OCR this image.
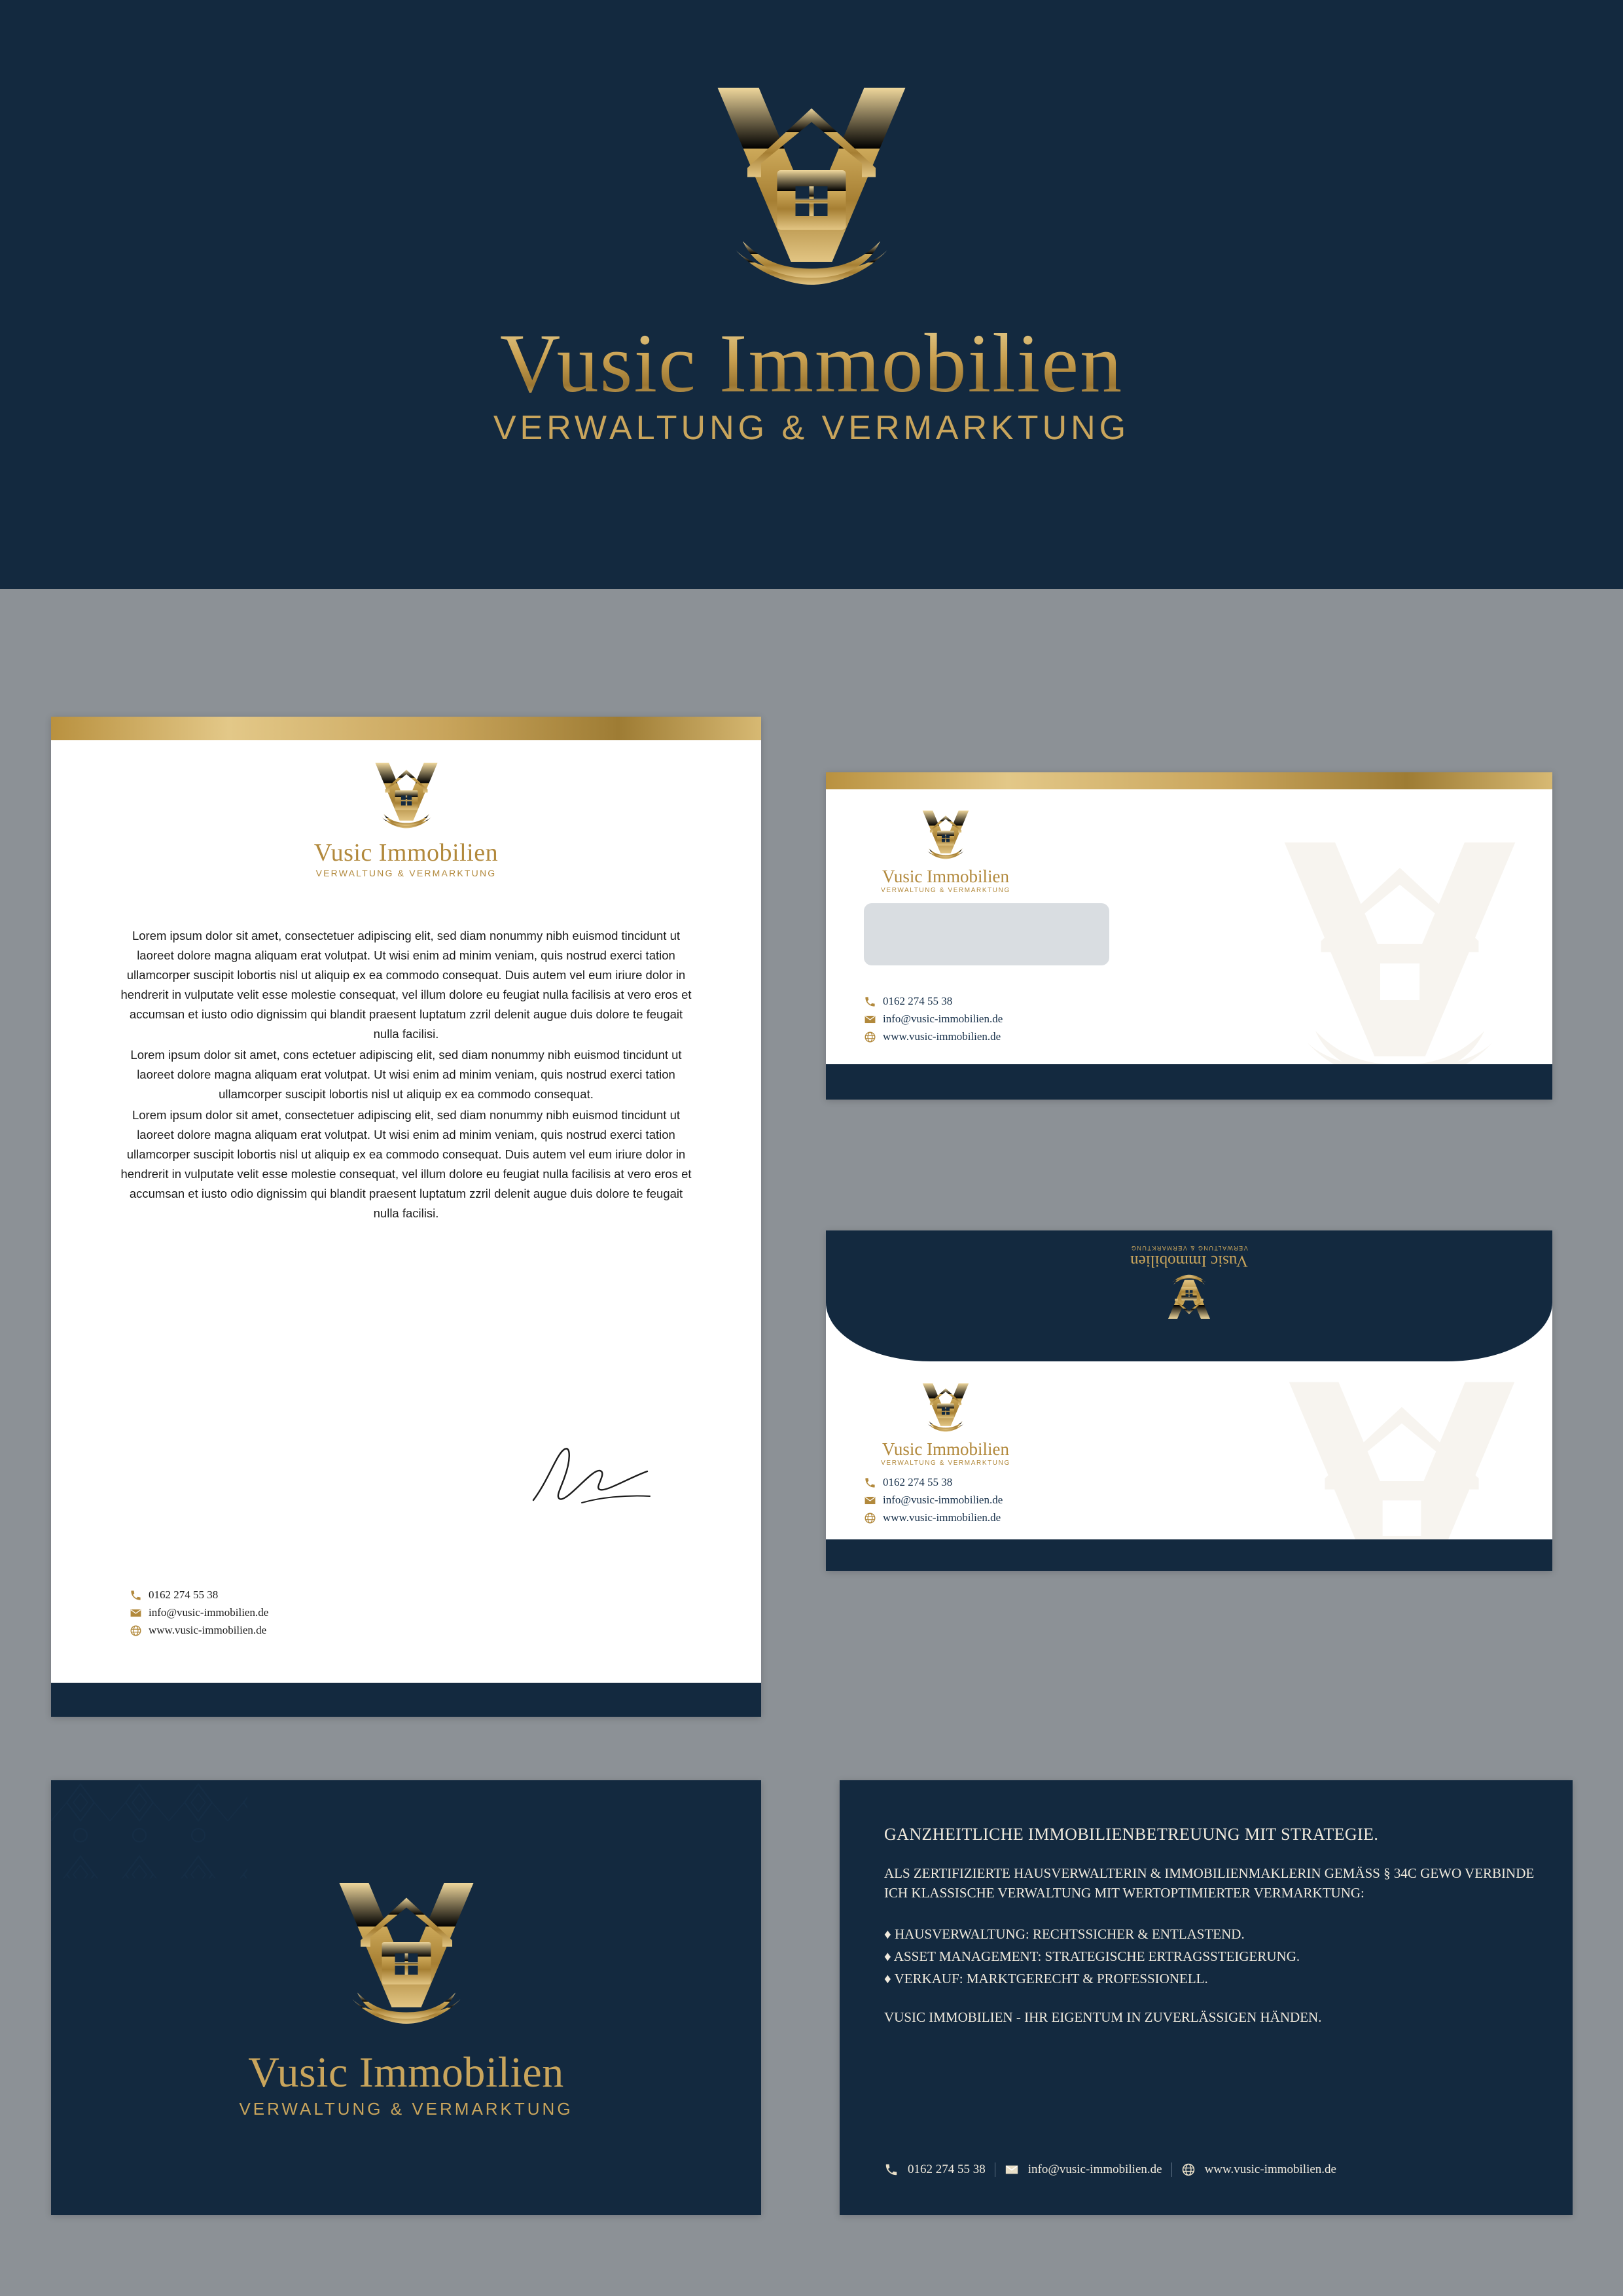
Vusic Immobilien
VERWALTUNG & VERMARKTUNG
Vusic Immobilien
VERWALTUNG & VERMARKTUNG

Lorem ipsum dolor sit amet, consectetuer adipiscing elit, sed diam nonummy nibh euismod tincidunt ut laoreet dolore magna aliquam erat volutpat. Ut wisi enim ad minim veniam, quis nostrud exerci tation ullamcorper suscipit lobortis nisl ut aliquip ex ea commodo consequat. Duis autem vel eum iriure dolor in hendrerit in vulputate velit esse molestie consequat, vel illum dolore eu feugiat nulla facilisis at vero eros et accumsan et iusto odio dignissim qui blandit praesent luptatum zzril delenit augue duis dolore te feugait nulla facilisi.

Lorem ipsum dolor sit amet, cons ectetuer adipiscing elit, sed diam nonummy nibh euismod tincidunt ut laoreet dolore magna aliquam erat volutpat. Ut wisi enim ad minim veniam, quis nostrud exerci tation ullamcorper suscipit lobortis nisl ut aliquip ex ea commodo consequat.

Lorem ipsum dolor sit amet, consectetuer adipiscing elit, sed diam nonummy nibh euismod tincidunt ut laoreet dolore magna aliquam erat volutpat. Ut wisi enim ad minim veniam, quis nostrud exerci tation ullamcorper suscipit lobortis nisl ut aliquip ex ea commodo consequat. Duis autem vel eum iriure dolor in hendrerit in vulputate velit esse molestie consequat, vel illum dolore eu feugiat nulla facilisis at vero eros et accumsan et iusto odio dignissim qui blandit praesent luptatum zzril delenit augue duis dolore te feugait nulla facilisi.

0162 274 55 38
info@vusic-immobilien.de
www.vusic-immobilien.de
Vusic Immobilien
VERWALTUNG & VERMARKTUNG
0162 274 55 38
info@vusic-immobilien.de
www.vusic-immobilien.de
Vusic Immobilien
VERWALTUNG & VERMARKTUNG
Vusic Immobilien
VERWALTUNG & VERMARKTUNG
0162 274 55 38
info@vusic-immobilien.de
www.vusic-immobilien.de
Vusic Immobilien
VERWALTUNG & VERMARKTUNG
GANZHEITLICHE IMMOBILIENBETREUUNG MIT STRATEGIE.
ALS ZERTIFIZIERTE HAUSVERWALTERIN & IMMOBILIENMAKLERIN GEMÄSS § 34C GEWO VERBINDE ICH KLASSISCHE VERWALTUNG MIT WERTOPTIMIERTER VERMARKTUNG:
♦ HAUSVERWALTUNG: RECHTSSICHER & ENTLASTEND.
♦ ASSET MANAGEMENT: STRATEGISCHE ERTRAGSSTEIGERUNG.
♦ VERKAUF: MARKTGERECHT & PROFESSIONELL.
VUSIC IMMOBILIEN - IHR EIGENTUM IN ZUVERLÄSSIGEN HÄNDEN.
0162 274 55 38	info@vusic-immobilien.de	www.vusic-immobilien.de
